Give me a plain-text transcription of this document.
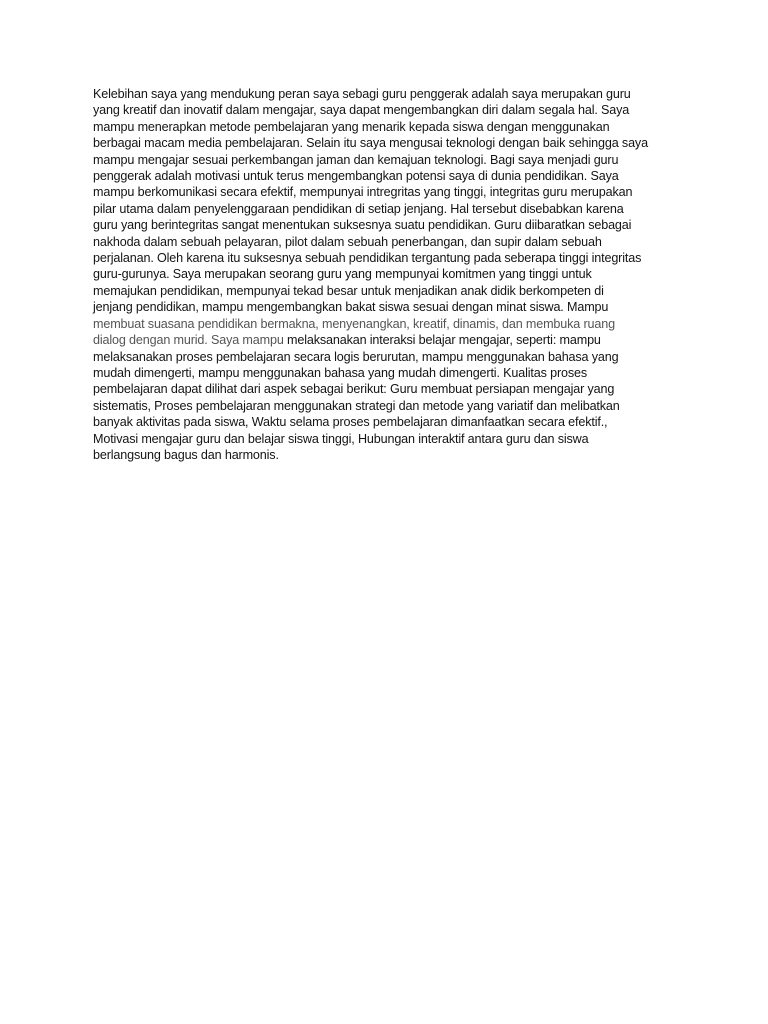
Kelebihan saya yang mendukung peran saya sebagi guru penggerak adalah saya merupakan guru
yang kreatif dan inovatif dalam mengajar, saya dapat mengembangkan diri dalam segala hal. Saya
mampu menerapkan metode pembelajaran yang menarik kepada siswa dengan menggunakan
berbagai macam media pembelajaran. Selain itu saya mengusai teknologi dengan baik sehingga saya
mampu mengajar sesuai perkembangan jaman dan kemajuan teknologi. Bagi saya menjadi guru
penggerak adalah motivasi untuk terus mengembangkan potensi saya di dunia pendidikan. Saya
mampu berkomunikasi secara efektif, mempunyai intregritas yang tinggi, integritas guru merupakan
pilar utama dalam penyelenggaraan pendidikan di setiap jenjang. Hal tersebut disebabkan karena
guru yang berintegritas sangat menentukan suksesnya suatu pendidikan. Guru diibaratkan sebagai
nakhoda dalam sebuah pelayaran, pilot dalam sebuah penerbangan, dan supir dalam sebuah
perjalanan. Oleh karena itu suksesnya sebuah pendidikan tergantung pada seberapa tinggi integritas
guru-gurunya. Saya merupakan seorang guru yang mempunyai komitmen yang tinggi untuk
memajukan pendidikan, mempunyai tekad besar untuk menjadikan anak didik berkompeten di
jenjang pendidikan, mampu mengembangkan bakat siswa sesuai dengan minat siswa. Mampu
membuat suasana pendidikan bermakna, menyenangkan, kreatif, dinamis, dan membuka ruang
dialog dengan murid. Saya mampu melaksanakan interaksi belajar mengajar, seperti: mampu
melaksanakan proses pembelajaran secara logis berurutan, mampu menggunakan bahasa yang
mudah dimengerti, mampu menggunakan bahasa yang mudah dimengerti. Kualitas proses
pembelajaran dapat dilihat dari aspek sebagai berikut: Guru membuat persiapan mengajar yang
sistematis, Proses pembelajaran menggunakan strategi dan metode yang variatif dan melibatkan
banyak aktivitas pada siswa, Waktu selama proses pembelajaran dimanfaatkan secara efektif.,
Motivasi mengajar guru dan belajar siswa tinggi, Hubungan interaktif antara guru dan siswa
berlangsung bagus dan harmonis.
